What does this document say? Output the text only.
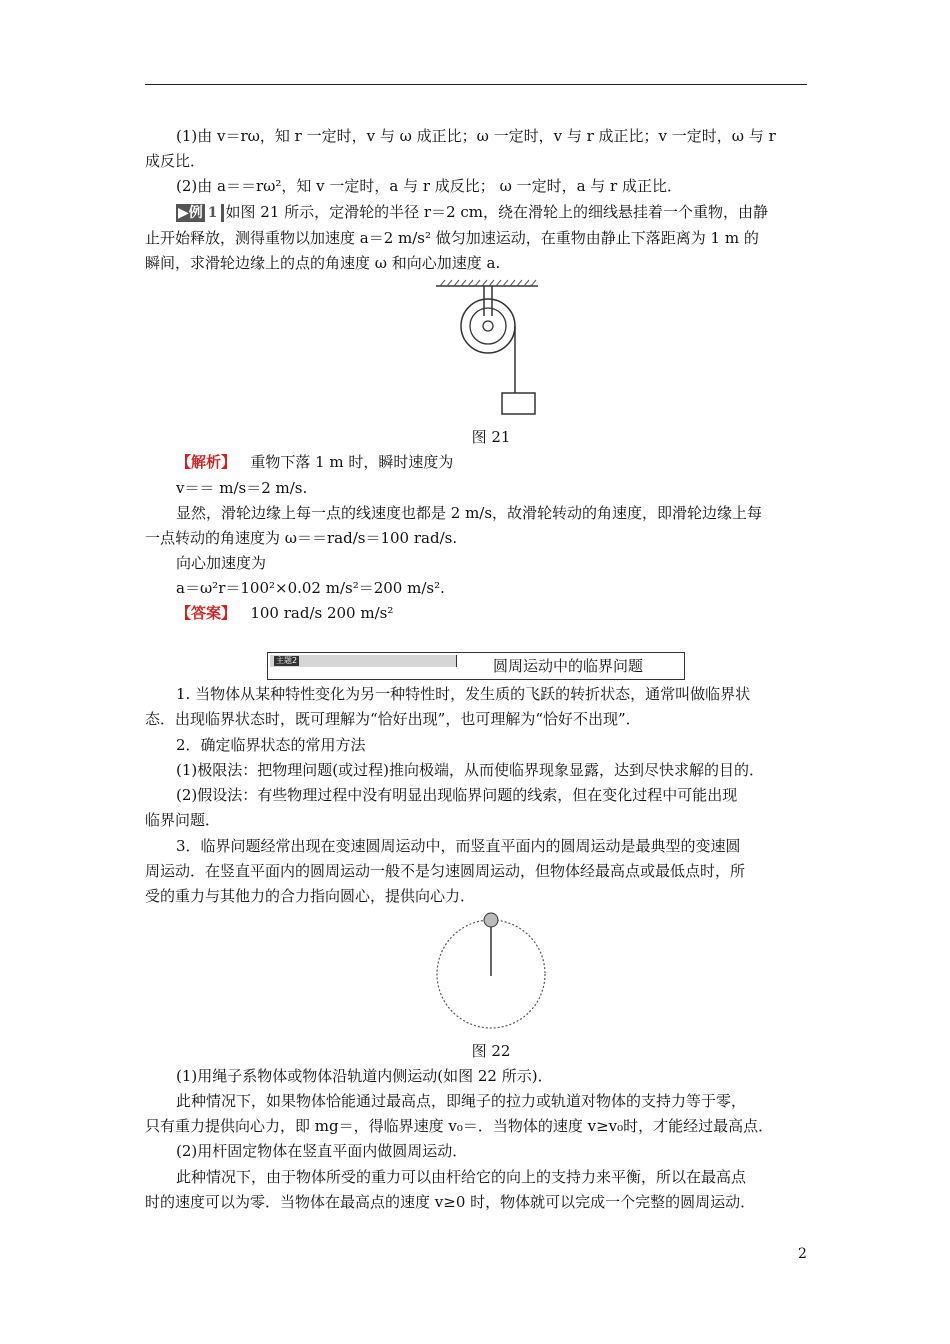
(1)由 v＝rω，知 r 一定时，v 与 ω 成正比；ω 一定时，v 与 r 成正比；v 一定时，ω 与 r
成反比．
(2)由 a＝＝rω²，知 v 一定时，a 与 r 成反比； ω 一定时，a 与 r 成正比．
▶例 1 如图 21 所示，定滑轮的半径 r＝2 cm，绕在滑轮上的细线悬挂着一个重物，由静
止开始释放，测得重物以加速度 a＝2 m/s² 做匀加速运动，在重物由静止下落距离为 1 m 的
瞬间，求滑轮边缘上的点的角速度 ω 和向心加速度 a.
图 21
【解析】 重物下落 1 m 时，瞬时速度为
v＝＝ m/s＝2 m/s.
显然，滑轮边缘上每一点的线速度也都是 2 m/s，故滑轮转动的角速度，即滑轮边缘上每
一点转动的角速度为 ω＝＝rad/s＝100 rad/s.
向心加速度为
a＝ω²r＝100²×0.02 m/s²＝200 m/s².
【答案】 100 rad/s 200 m/s²
主题2	圆周运动中的临界问题
1. 当物体从某种特性变化为另一种特性时，发生质的飞跃的转折状态，通常叫做临界状
态．出现临界状态时，既可理解为“恰好出现”，也可理解为“恰好不出现”．
2．确定临界状态的常用方法
(1)极限法：把物理问题(或过程)推向极端，从而使临界现象显露，达到尽快求解的目的．
(2)假设法：有些物理过程中没有明显出现临界问题的线索，但在变化过程中可能出现
临界问题．
3．临界问题经常出现在变速圆周运动中，而竖直平面内的圆周运动是最典型的变速圆
周运动．在竖直平面内的圆周运动一般不是匀速圆周运动，但物体经最高点或最低点时，所
受的重力与其他力的合力指向圆心，提供向心力．
图 22
(1)用绳子系物体或物体沿轨道内侧运动(如图 22 所示)．
此种情况下，如果物体恰能通过最高点，即绳子的拉力或轨道对物体的支持力等于零，
只有重力提供向心力，即 mg＝，得临界速度 v₀＝．当物体的速度 v≥v₀时，才能经过最高点．
(2)用杆固定物体在竖直平面内做圆周运动．
此种情况下，由于物体所受的重力可以由杆给它的向上的支持力来平衡，所以在最高点
时的速度可以为零．当物体在最高点的速度 v≥0 时，物体就可以完成一个完整的圆周运动．
2
